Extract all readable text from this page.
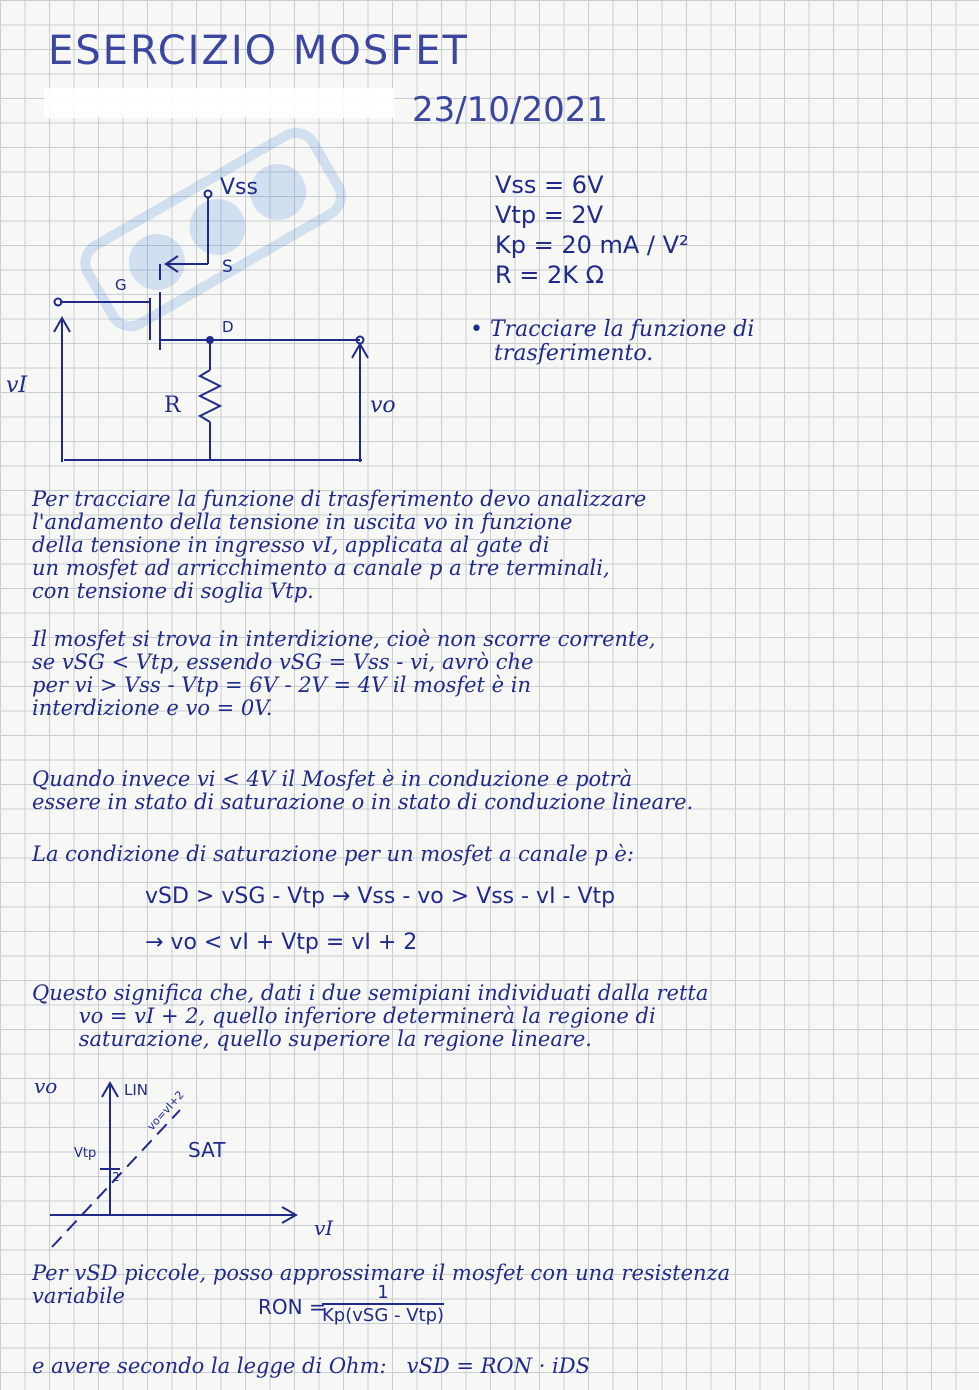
ESERCIZIO MOSFET
23/10/2021
Vss
S
G
D
R
vI
vo
Vss = 6V
Vtp = 2V
Kp = 20 mA / V²
R = 2K Ω
• Tracciare la funzione di
trasferimento.
Per tracciare la funzione di trasferimento devo analizzare
l'andamento della tensione in uscita vo in funzione
della tensione in ingresso vI, applicata al gate di
un mosfet ad arricchimento a canale p a tre terminali,
con tensione di soglia Vtp.
Il mosfet si trova in interdizione, cioè non scorre corrente,
se vSG < Vtp, essendo vSG = Vss - vi, avrò che
per vi > Vss - Vtp = 6V - 2V = 4V il mosfet è in
interdizione e vo = 0V.
Quando invece vi < 4V il Mosfet è in conduzione e potrà
essere in stato di saturazione o in stato di conduzione lineare.
La condizione di saturazione per un mosfet a canale p è:
vSD > vSG - Vtp → Vss - vo > Vss - vI - Vtp
→ vo < vI + Vtp = vI + 2
Questo significa che, dati i due semipiani individuati dalla retta
vo = vI + 2, quello inferiore determinerà la regione di
saturazione, quello superiore la regione lineare.
vo
vI
LIN
vo=vI+2
SAT
Vtp
2
Per vSD piccole, posso approssimare il mosfet con una resistenza
variabile	RON =
1
Kp(vSG - Vtp)
e avere secondo la legge di Ohm:   vSD = RON · iDS
